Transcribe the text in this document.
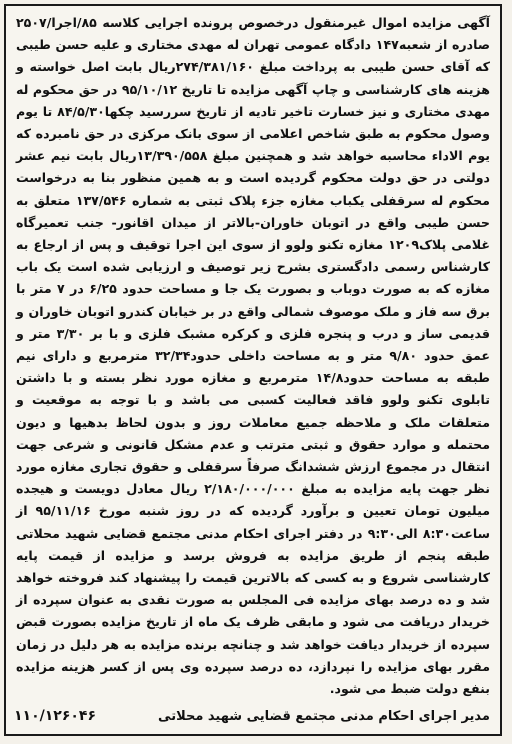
آگهی مزایده اموال غیرمنقول درخصوص پرونده اجرایی کلاسه ۸۵/اجرا/۲۵۰۷ صادره از شعبه۱۴۷ دادگاه عمومی تهران له مهدی مختاری و علیه حسن طیبی که آقای حسن طیبی به پرداخت مبلغ ۲۷۴/۳۸۱/۱۶۰ریال بابت اصل خواسته و هزینه های کارشناسی و چاپ آگهی مزایده تا تاریخ ۹۵/۱۰/۱۲ در حق محکوم له مهدی مختاری و نیز خسارت تاخیر تادیه از تاریخ سررسید چکها۸۴/۵/۳۰ تا یوم وصول محکوم به طبق شاخص اعلامی از سوی بانک مرکزی در حق نامبرده که یوم الاداء محاسبه خواهد شد و همچنین مبلغ ۱۳/۳۹۰/۵۵۸ریال بابت نیم عشر دولتی در حق دولت محکوم گردیده است و به همین منظور بنا به درخواست محکوم له سرقفلی یکباب مغازه جزء پلاک ثبتی به شماره ۱۳۷/۵۴۶ متعلق به حسن طیبی واقع در اتوبان خاوران-بالاتر از میدان اقانور- جنب تعمیرگاه غلامی پلاک۱۲۰۹ مغازه تکنو ولوو از سوی این اجرا توقیف و پس از ارجاع به کارشناس رسمی دادگستری بشرح زیر توصیف و ارزیابی شده است یک باب مغازه که به صورت دوباب و بصورت یک جا و مساحت حدود ۶/۲۵ در ۷ متر با برق سه فاز و ملک موصوف شمالی واقع در بر خیابان کندرو اتوبان خاوران و قدیمی ساز و درب و پنجره فلزی و کرکره مشبک فلزی و با بر ۳/۳۰ متر و عمق حدود ۹/۸۰ متر و به مساحت داخلی حدود۳۲/۳۴ مترمربع و دارای نیم طبقه به مساحت حدود۱۴/۸ مترمربع و مغازه مورد نظر بسته و با داشتن تابلوی تکنو ولوو فاقد فعالیت کسبی می باشد و با توجه به موقعیت و متعلقات ملک و ملاحظه جمیع معاملات روز و بدون لحاظ بدهیها و دیون محتمله و موارد حقوق و ثبتی مترتب و عدم مشکل قانونی و شرعی جهت انتقال در مجموع ارزش ششدانگ صرفاً سرقفلی و حقوق تجاری مغازه مورد نظر جهت پایه مزایده به مبلغ ۲/۱۸۰/۰۰۰/۰۰۰ ریال معادل دویست و هیجده میلیون تومان تعیین و برآورد گردیده که در روز شنبه مورخ ۹۵/۱۱/۱۶ از ساعت۸:۳۰ الی۹:۳۰ در دفتر اجرای احکام مدنی مجتمع قضایی شهید محلاتی طبقه پنجم از طریق مزایده به فروش برسد و مزایده از قیمت پایه کارشناسی شروع و به کسی که بالاترین قیمت را پیشنهاد کند فروخته خواهد شد و ده درصد بهای مزایده فی المجلس به صورت نقدی به عنوان سپرده از خریدار دریافت می شود و مابقی ظرف یک ماه از تاریخ مزایده بصورت قبض سپرده از خریدار دیافت خواهد شد و چنانچه برنده مزایده به هر دلیل در زمان مقرر بهای مزایده را نپردازد، ده درصد سپرده وی پس از کسر هزینه مزایده بنفع دولت ضبط می شود.
مدیر اجرای احکام مدنی مجتمع قضایی شهید محلاتی
۱۱۰/۱۲۶۰۴۶
